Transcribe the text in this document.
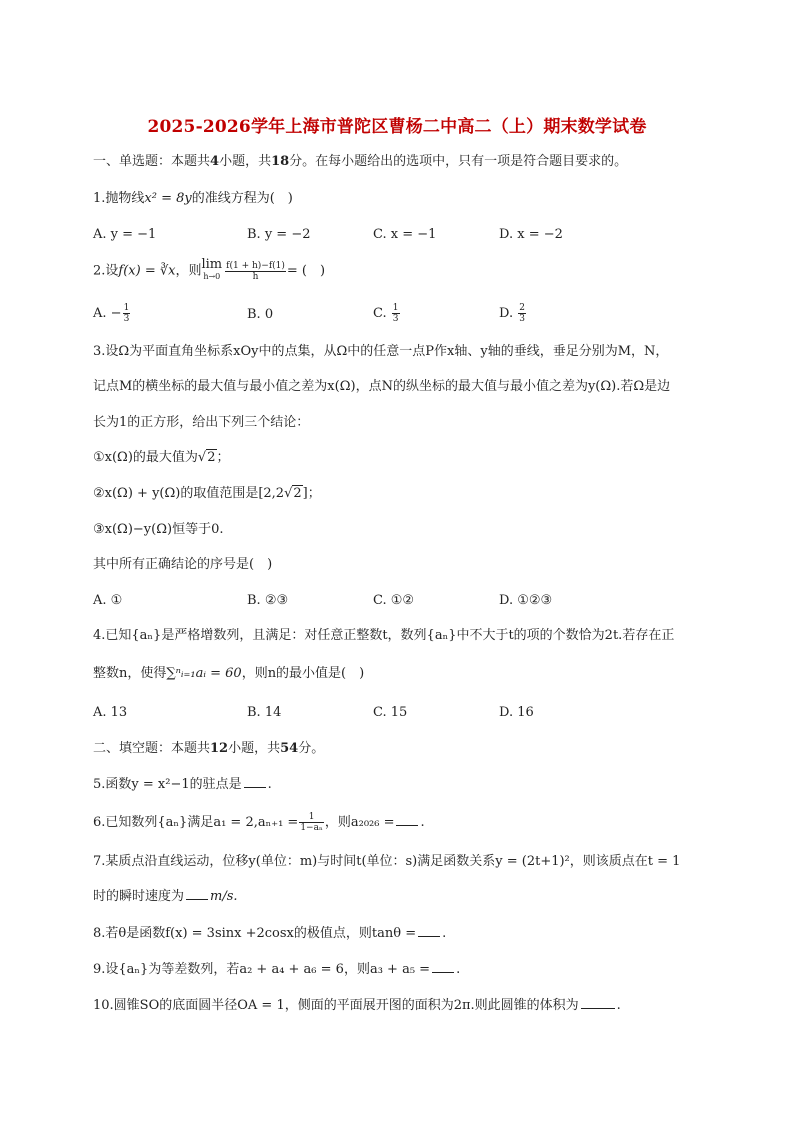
2025-2026学年上海市普陀区曹杨二中高二（上）期末数学试卷
一、单选题：本题共4小题，共18分。在每小题给出的选项中，只有一项是符合题目要求的。
1.抛物线x² = 8y的准线方程为(　)
A. y = −1	B. y = −2	C. x = −1	D. x = −2
2.设f(x) = ∛x，则 lim
$h\to 0 \frac{f(1 + h)-f(1)}{h}$ = (　)
A. − $\frac{1}{3}$	B. 0	C. $\frac{1}{3}$	D. $\frac{2}{3}$
3.设Ω为平面直角坐标系xOy中的点集，从Ω中的任意一点P作x轴、y轴的垂线，垂足分别为M，N，
记点M的横坐标的最大值与最小值之差为x(Ω)，点N的纵坐标的最大值与最小值之差为y(Ω).若Ω是边
长为1的正方形，给出下列三个结论：
①x(Ω)的最大值为√2；
②x(Ω) + y(Ω)的取值范围是[2,2√2]；
③x(Ω)−y(Ω)恒等于0.
其中所有正确结论的序号是(　)
A. ①	B. ②③	C. ①②	D. ①②③
4.已知{aₙ}是严格增数列，且满足：对任意正整数t，数列{aₙ}中不大于t的项的个数恰为2t.若存在正
整数n，使得∑ⁿᵢ₌₁aᵢ = 60，则n的最小值是(　)
A. 13	B. 14	C. 15	D. 16
二、填空题：本题共12小题，共54分。
5.函数y = x²−1的驻点是 .
6.已知数列{aₙ}满足$a_1 = 2,a_{n+1} = \frac{1}{\text{1−aₙ}}$ ，则a₂₀₂₆ = .
7.某质点沿直线运动，位移y(单位：m)与时间t(单位：s)满足函数关系y = (2t+1)²，则该质点在t = 1
时的瞬时速度为 m/s.
8.若θ是函数f(x) = 3sinx +2cosx的极值点，则tanθ = .
9.设{aₙ}为等差数列，若a₂ + a₄ + a₆ = 6，则a₃ + a₅ = .
10.圆锥SO的底面圆半径OA = 1，侧面的平面展开图的面积为2π.则此圆锥的体积为	.
